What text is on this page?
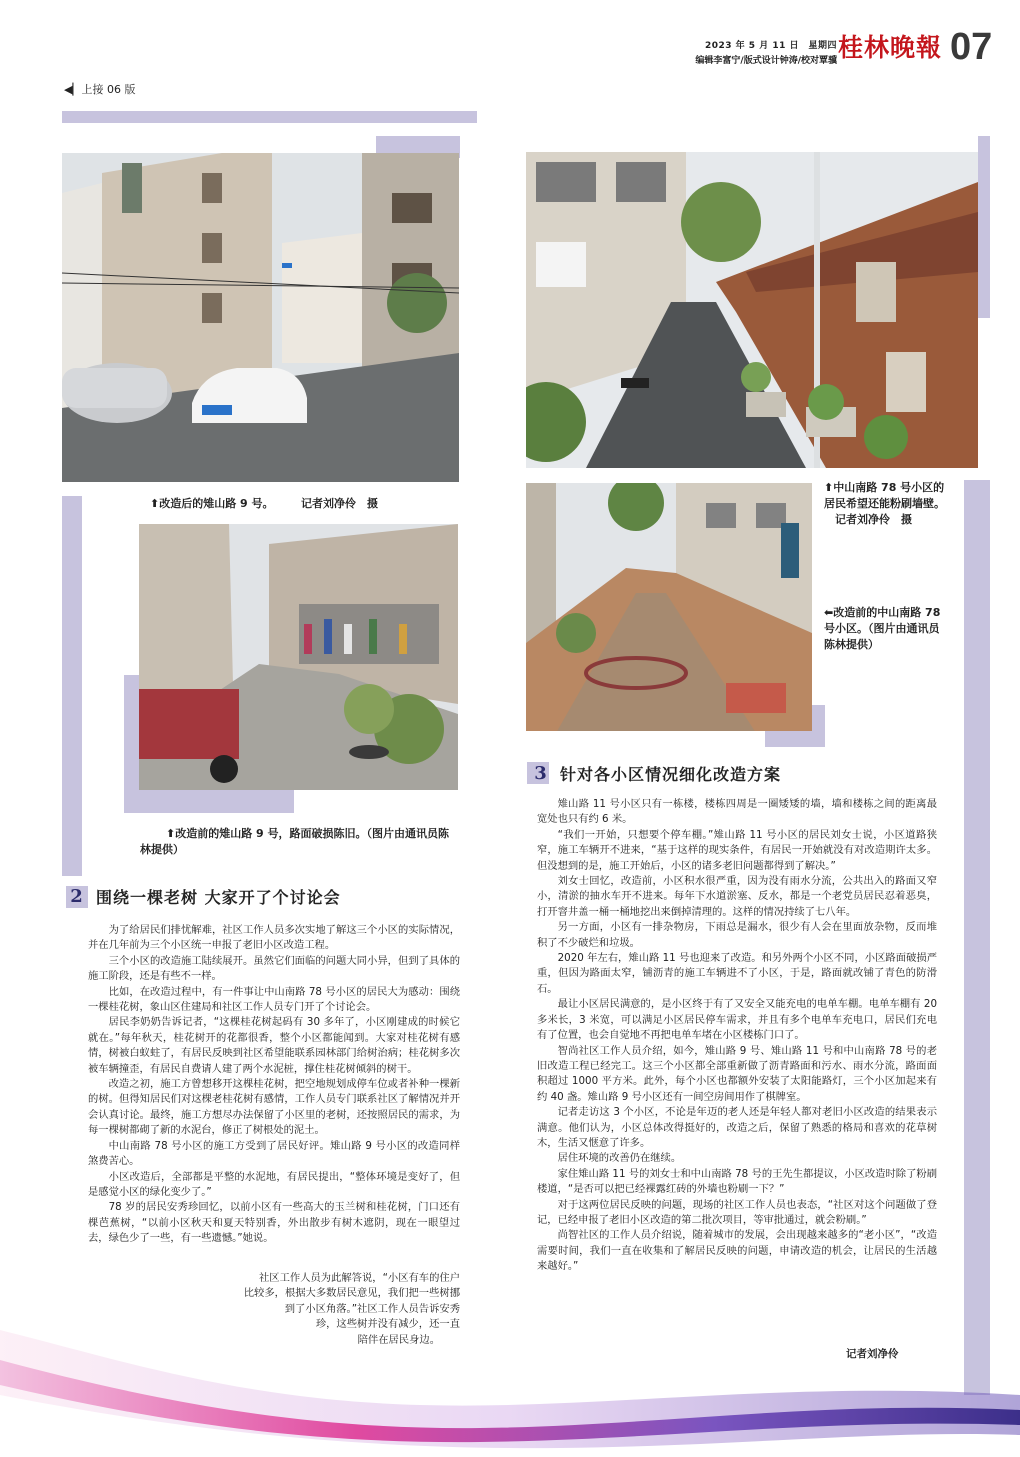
2023 年 5 月 11 日　星期四
编辑李富宁/版式设计钟涛/校对覃骥 桂林晚報 07
◀▏ 上接 06 版
⬆改造后的雉山路 9 号。　　　记者刘净伶　摄
⬆改造前的雉山路 9 号，路面破损陈旧。（图片由通讯员陈林提供）
2 围绕一棵老树 大家开了个讨论会

为了给居民们排忧解难，社区工作人员多次实地了解这三个小区的实际情况，并在几年前为三个小区统一申报了老旧小区改造工程。

三个小区的改造施工陆续展开。虽然它们面临的问题大同小异，但到了具体的施工阶段，还是有些不一样。

比如，在改造过程中，有一件事让中山南路 78 号小区的居民大为感动：围绕一棵桂花树，象山区住建局和社区工作人员专门开了个讨论会。

居民李奶奶告诉记者，“这棵桂花树起码有 30 多年了，小区刚建成的时候它就在。”每年秋天，桂花树开的花都很香，整个小区都能闻到。大家对桂花树有感情，树被白蚁蛀了，有居民反映到社区希望能联系园林部门给树治病；桂花树多次被车辆撞歪，有居民自费请人建了两个水泥桩，撑住桂花树倾斜的树干。

改造之初，施工方曾想移开这棵桂花树，把空地规划成停车位或者补种一棵新的树。但得知居民们对这棵老桂花树有感情，工作人员专门联系社区了解情况并开会认真讨论。最终，施工方想尽办法保留了小区里的老树，还按照居民的需求，为每一棵树都砌了新的水泥台，修正了树根处的泥土。

中山南路 78 号小区的施工方受到了居民好评。雉山路 9 号小区的改造同样煞费苦心。

小区改造后，全部都是平整的水泥地，有居民提出，“整体环境是变好了，但是感觉小区的绿化变少了。”

78 岁的居民安秀珍回忆，以前小区有一些高大的玉兰树和桂花树，门口还有棵芭蕉树，“以前小区秋天和夏天特别香，外出散步有树木遮阴，现在一眼望过去，绿色少了一些，有一些遗憾。”她说。

社区工作人员为此解答说，“小区有车的住户
比较多，根据大多数居民意见，我们把一些树挪
到了小区角落。”社区工作人员告诉安秀
珍，这些树并没有减少，还一直
陪伴在居民身边。
⬆中山南路 78 号小区的居民希望还能粉刷墙壁。
　记者刘净伶　摄
⬅改造前的中山南路 78 号小区。（图片由通讯员陈林提供）
3 针对各小区情况细化改造方案

雉山路 11 号小区只有一栋楼，楼栋四周是一圈矮矮的墙，墙和楼栋之间的距离最宽处也只有约 6 米。

“我们一开始，只想要个停车棚。”雉山路 11 号小区的居民刘女士说，小区道路狭窄，施工车辆开不进来，“基于这样的现实条件，有居民一开始就没有对改造期许太多。但没想到的是，施工开始后，小区的诸多老旧问题都得到了解决。”

刘女士回忆，改造前，小区积水很严重，因为没有雨水分流，公共出入的路面又窄小，清淤的抽水车开不进来。每年下水道淤塞、反水，都是一个老党员居民忍着恶臭，打开窨井盖一桶一桶地挖出来倒掉清理的。这样的情况持续了七八年。

另一方面，小区有一排杂物房，下雨总是漏水，很少有人会在里面放杂物，反而堆积了不少破烂和垃圾。

2020 年左右，雉山路 11 号也迎来了改造。和另外两个小区不同，小区路面破损严重，但因为路面太窄，铺沥青的施工车辆进不了小区，于是，路面就改铺了青色的防滑石。

最让小区居民满意的，是小区终于有了又安全又能充电的电单车棚。电单车棚有 20 多米长，3 米宽，可以满足小区居民停车需求，并且有多个电单车充电口，居民们充电有了位置，也会自觉地不再把电单车堵在小区楼栋门口了。

智尚社区工作人员介绍，如今，雉山路 9 号、雉山路 11 号和中山南路 78 号的老旧改造工程已经完工。这三个小区都全部重新做了沥青路面和污水、雨水分流，路面面积超过 1000 平方米。此外，每个小区也都额外安装了太阳能路灯，三个小区加起来有约 40 盏。雉山路 9 号小区还有一间空房间用作了棋牌室。

记者走访这 3 个小区，不论是年迈的老人还是年轻人都对老旧小区改造的结果表示满意。他们认为，小区总体改得挺好的，改造之后，保留了熟悉的格局和喜欢的花草树木，生活又惬意了许多。

居住环境的改善仍在继续。

家住雉山路 11 号的刘女士和中山南路 78 号的王先生都提议，小区改造时除了粉刷楼道，“是否可以把已经裸露红砖的外墙也粉刷一下？”

对于这两位居民反映的问题，现场的社区工作人员也表态，“社区对这个问题做了登记，已经申报了老旧小区改造的第二批次项目，等审批通过，就会粉刷。”

尚智社区的工作人员介绍说，随着城市的发展，会出现越来越多的“老小区”，“改造需要时间，我们一直在收集和了解居民反映的问题，申请改造的机会，让居民的生活越来越好。”

记者刘净伶
